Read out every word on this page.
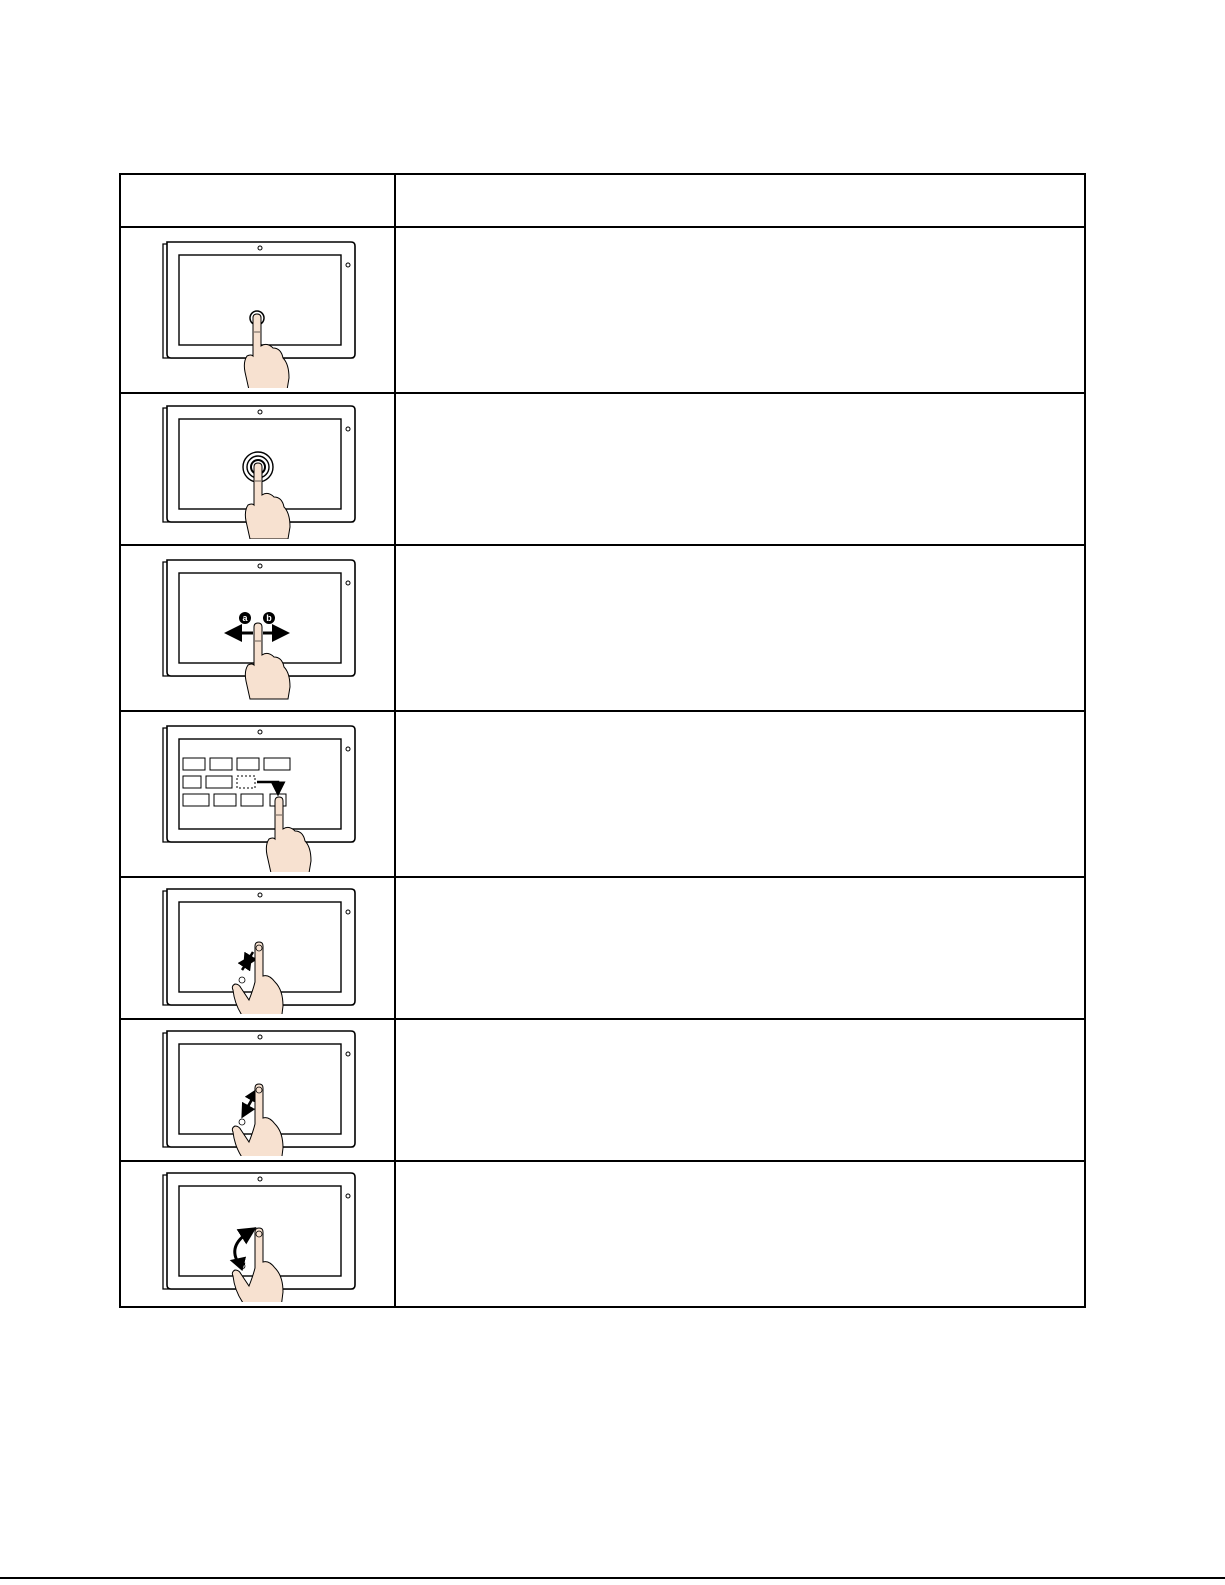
a b	
